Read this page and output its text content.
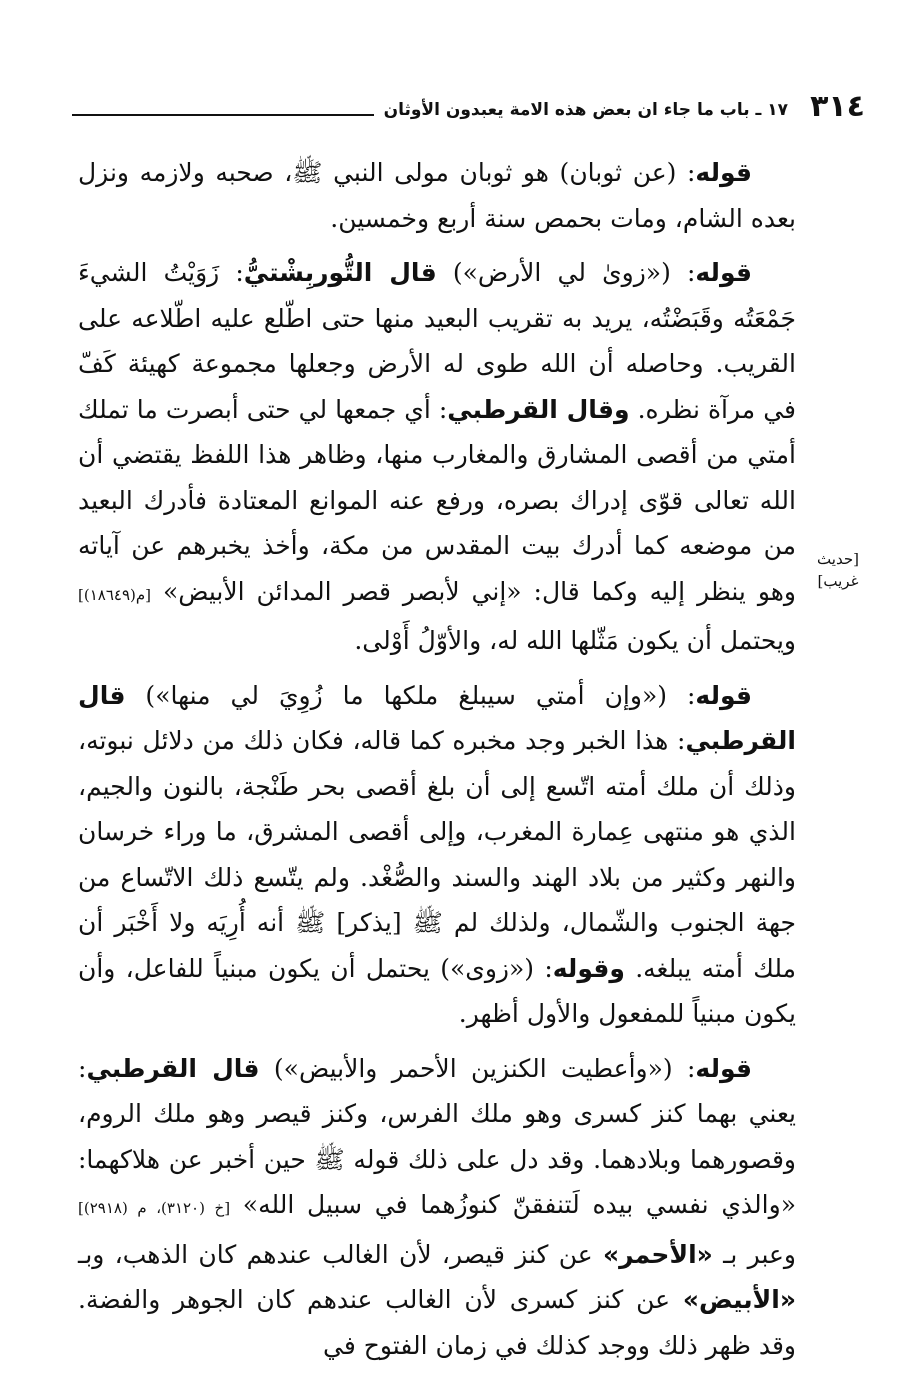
٣١٤
١٧ ـ باب ما جاء ان بعض هذه الامة يعبدون الأوثان
[حديث
غريب]

قوله: (عن ثوبان) هو ثوبان مولى النبي ﷺ، صحبه ولازمه ونزل بعده الشام، ومات بحمص سنة أربع وخمسين.

قوله: («زوىٰ لي الأرض») قال التُّوربِشْتيُّ: زَوَيْتُ الشيءَ جَمْعَتُه وقَبَضْتُه، يريد به تقريب البعيد منها حتى اطّلع عليه اطّلاعه على القريب. وحاصله أن الله طوى له الأرض وجعلها مجموعة كهيئة كَفّ في مرآة نظره. وقال القرطبي: أي جمعها لي حتى أبصرت ما تملك أمتي من أقصى المشارق والمغارب منها، وظاهر هذا اللفظ يقتضي أن الله تعالى قوّى إدراك بصره، ورفع عنه الموانع المعتادة فأدرك البعيد من موضعه كما أدرك بيت المقدس من مكة، وأخذ يخبرهم عن آياته وهو ينظر إليه وكما قال: «إني لأبصر قصر المدائن الأبيض» [م(١٨٦٤٩)] ويحتمل أن يكون مَثّلها الله له، والأوّلُ أَوْلى.

قوله: («وإن أمتي سيبلغ ملكها ما زُوِيَ لي منها») قال القرطبي: هذا الخبر وجد مخبره كما قاله، فكان ذلك من دلائل نبوته، وذلك أن ملك أمته اتّسع إلى أن بلغ أقصى بحر طَنْجة، بالنون والجيم، الذي هو منتهى عِمارة المغرب، وإلى أقصى المشرق، ما وراء خرسان والنهر وكثير من بلاد الهند والسند والصُّغْد. ولم يتّسع ذلك الاتّساع من جهة الجنوب والشّمال، ولذلك لم ﷺ [يذكر] ﷺ أنه أُرِيَه ولا أَخْبَر أن ملك أمته يبلغه. وقوله: («زوى») يحتمل أن يكون مبنياً للفاعل، وأن يكون مبنياً للمفعول والأول أظهر.

قوله: («وأعطيت الكنزين الأحمر والأبيض») قال القرطبي: يعني بهما كنز كسرى وهو ملك الفرس، وكنز قيصر وهو ملك الروم، وقصورهما وبلادهما. وقد دل على ذلك قوله ﷺ حين أخبر عن هلاكهما: «والذي نفسي بيده لَتنفقنّ كنوزُهما في سبيل الله» [خ (٣١٢٠)، م (٢٩١٨)] وعبر بـ «الأحمر» عن كنز قيصر، لأن الغالب عندهم كان الذهب، وبـ «الأبيض» عن كنز كسرى لأن الغالب عندهم كان الجوهر والفضة. وقد ظهر ذلك ووجد كذلك في زمان الفتوح في
